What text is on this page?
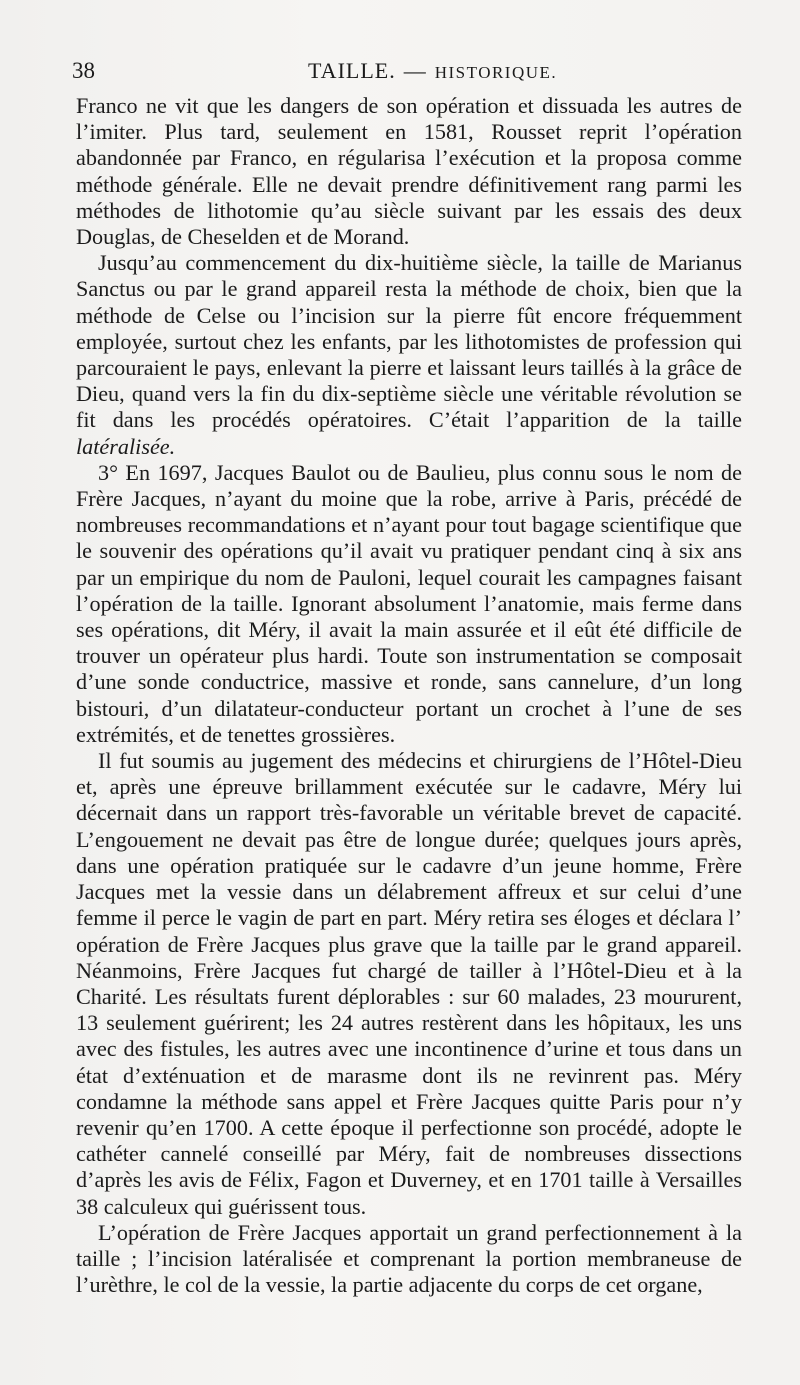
38	TAILLE. — HISTORIQUE.

Franco ne vit que les dangers de son opération et dissuada les autres de l’imiter. Plus tard, seulement en 1581, Rousset reprit l’opération abandonnée par Franco, en régularisa l’exécution et la proposa comme méthode générale. Elle ne devait prendre définitivement rang parmi les méthodes de lithotomie qu’au siècle suivant par les essais des deux Douglas, de Cheselden et de Morand.

Jusqu’au commencement du dix-huitième siècle, la taille de Marianus Sanctus ou par le grand appareil resta la méthode de choix, bien que la méthode de Celse ou l’incision sur la pierre fût encore fréquemment employée, surtout chez les enfants, par les lithotomistes de profession qui parcouraient le pays, enlevant la pierre et laissant leurs taillés à la grâce de Dieu, quand vers la fin du dix-septième siècle une véritable révolution se fit dans les procédés opératoires. C’était l’apparition de la taille latéralisée.

3° En 1697, Jacques Baulot ou de Baulieu, plus connu sous le nom de Frère Jacques, n’ayant du moine que la robe, arrive à Paris, précédé de nombreuses recommandations et n’ayant pour tout bagage scientifique que le souvenir des opérations qu’il avait vu pratiquer pendant cinq à six ans par un empirique du nom de Pauloni, lequel courait les campagnes faisant l’opération de la taille. Ignorant absolument l’anatomie, mais ferme dans ses opérations, dit Méry, il avait la main assurée et il eût été difficile de trouver un opérateur plus hardi. Toute son instrumentation se composait d’une sonde conductrice, massive et ronde, sans cannelure, d’un long bistouri, d’un dilatateur-conducteur portant un crochet à l’une de ses extrémités, et de tenettes grossières.

Il fut soumis au jugement des médecins et chirurgiens de l’Hôtel-Dieu et, après une épreuve brillamment exécutée sur le cadavre, Méry lui décernait dans un rapport très-favorable un véritable brevet de capacité. L’engouement ne devait pas être de longue durée; quelques jours après, dans une opération pratiquée sur le cadavre d’un jeune homme, Frère Jacques met la vessie dans un délabrement affreux et sur celui d’une femme il perce le vagin de part en part. Méry retira ses éloges et déclara l’ opération de Frère Jacques plus grave que la taille par le grand appareil. Néanmoins, Frère Jacques fut chargé de tailler à l’Hôtel-Dieu et à la Charité. Les résultats furent déplorables : sur 60 malades, 23 moururent, 13 seulement guérirent; les 24 autres restèrent dans les hôpitaux, les uns avec des fistules, les autres avec une incontinence d’urine et tous dans un état d’exténuation et de marasme dont ils ne revinrent pas. Méry condamne la méthode sans appel et Frère Jacques quitte Paris pour n’y revenir qu’en 1700. A cette époque il perfectionne son procédé, adopte le cathéter cannelé conseillé par Méry, fait de nombreuses dissections d’après les avis de Félix, Fagon et Duverney, et en 1701 taille à Versailles 38 calculeux qui guérissent tous.

L’opération de Frère Jacques apportait un grand perfectionnement à la taille ; l’incision latéralisée et comprenant la portion membraneuse de l’urèthre, le col de la vessie, la partie adjacente du corps de cet organe,
